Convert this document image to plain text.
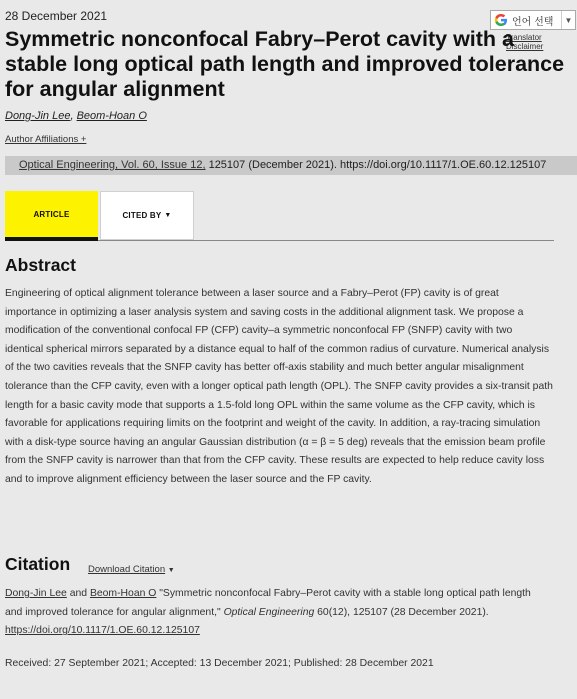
28 December 2021	언어 선택	▼
Translator Disclaimer
Symmetric nonconfocal Fabry–Perot cavity with a stable long optical path length and improved tolerance for angular alignment
Dong-Jin Lee, Beom-Hoan O
Author Affiliations +
Optical Engineering, Vol. 60, Issue 12, 125107 (December 2021). https://doi.org/10.1117/1.OE.60.12.125107
ARTICLE	CITED BY ▼
Abstract

Engineering of optical alignment tolerance between a laser source and a Fabry–Perot (FP) cavity is of great importance in optimizing a laser analysis system and saving costs in the additional alignment task. We propose a modification of the conventional confocal FP (CFP) cavity–a symmetric nonconfocal FP (SNFP) cavity with two identical spherical mirrors separated by a distance equal to half of the common radius of curvature. Numerical analysis of the two cavities reveals that the SNFP cavity has better off-axis stability and much better angular misalignment tolerance than the CFP cavity, even with a longer optical path length (OPL). The SNFP cavity provides a six-transit path length for a basic cavity mode that supports a 1.5-fold long OPL within the same volume as the CFP cavity, which is favorable for applications requiring limits on the footprint and weight of the cavity. In addition, a ray-tracing simulation with a disk-type source having an angular Gaussian distribution (α = β = 5 deg) reveals that the emission beam profile from the SNFP cavity is narrower than that from the CFP cavity. These results are expected to help reduce cavity loss and to improve alignment efficiency between the laser source and the FP cavity.

Citation Download Citation ▼

Dong-Jin Lee and Beom-Hoan O "Symmetric nonconfocal Fabry–Perot cavity with a stable long optical path length and improved tolerance for angular alignment," Optical Engineering 60(12), 125107 (28 December 2021). https://doi.org/10.1117/1.OE.60.12.125107

Received: 27 September 2021; Accepted: 13 December 2021; Published: 28 December 2021
